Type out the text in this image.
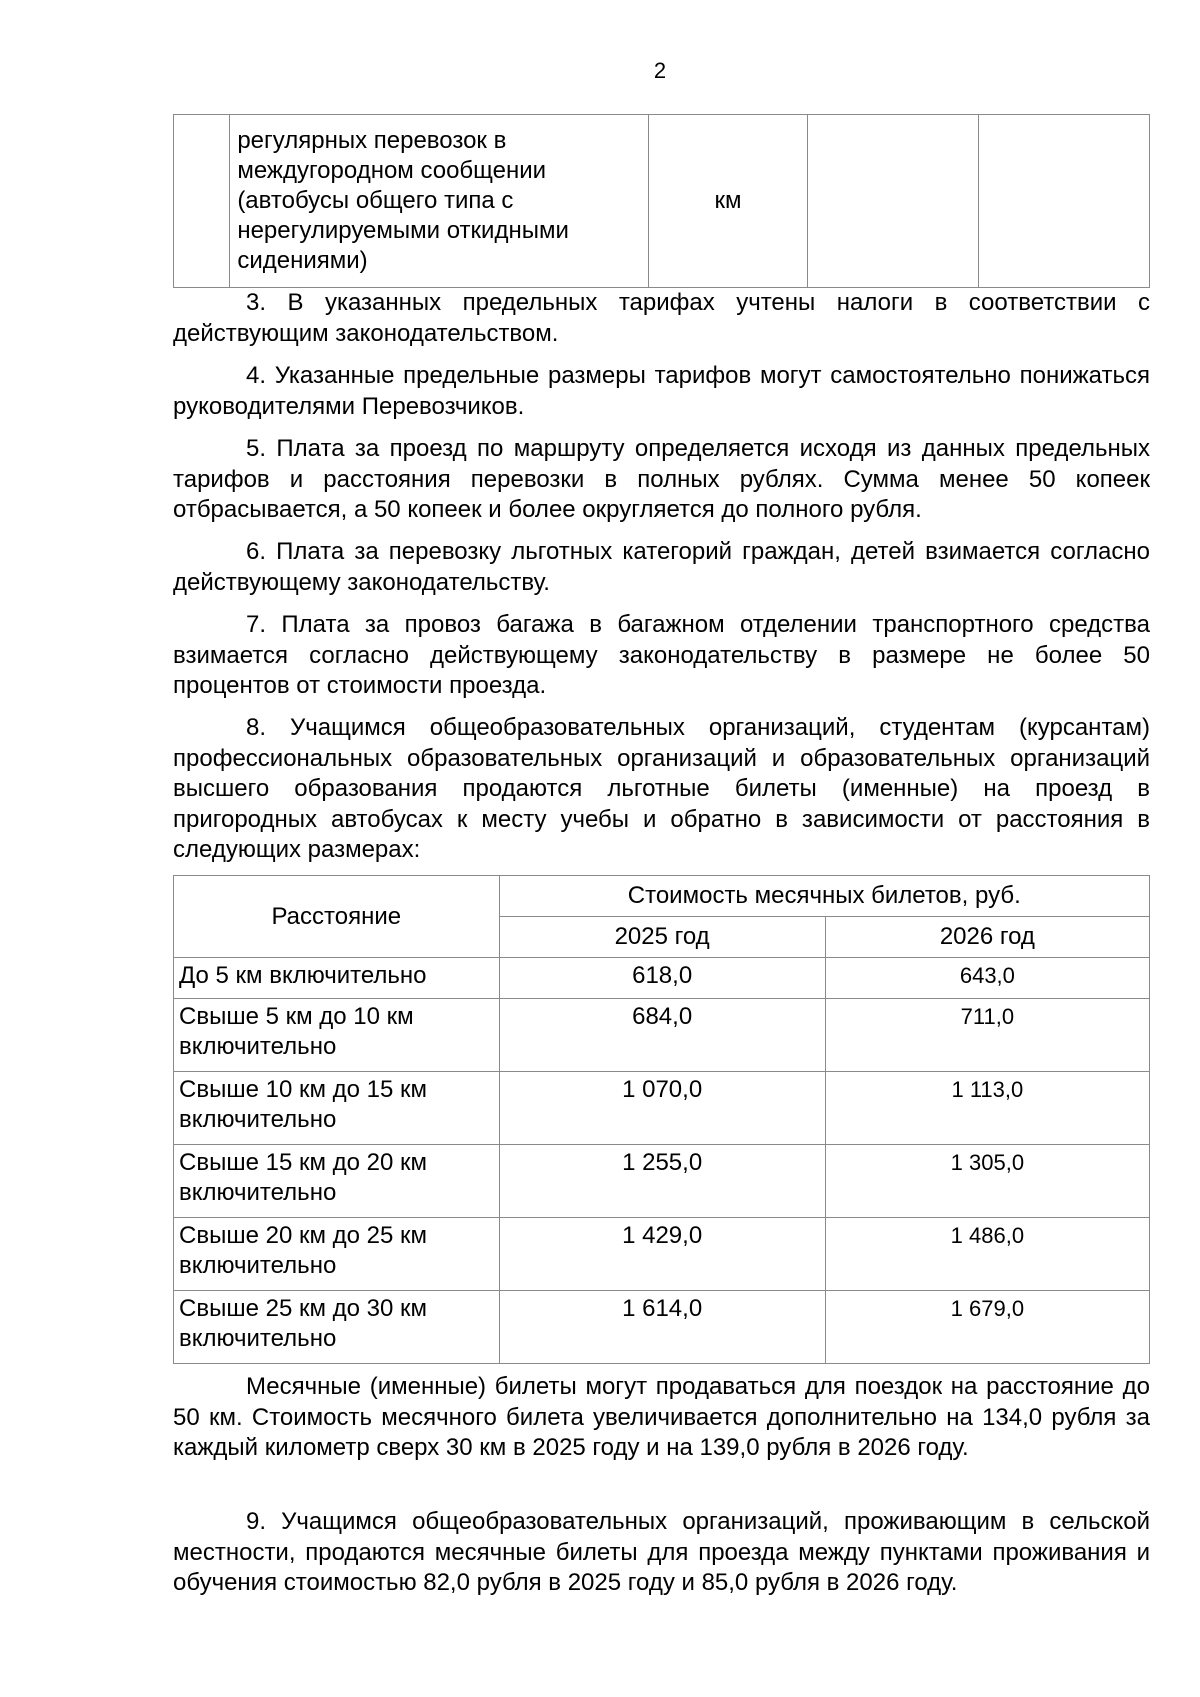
2
	регулярных перевозок в междугородном сообщении (автобусы общего типа с нерегулируемыми откидными сидениями)	км		

3. В указанных предельных тарифах учтены налоги в соответствии с действующим законодательством.

4. Указанные предельные размеры тарифов могут самостоятельно понижаться руководителями Перевозчиков.

5. Плата за проезд по маршруту определяется исходя из данных предельных тарифов и расстояния перевозки в полных рублях. Сумма менее 50 копеек отбрасывается, а 50 копеек и более округляется до полного рубля.

6. Плата за перевозку льготных категорий граждан, детей взимается согласно действующему законодательству.

7. Плата за провоз багажа в багажном отделении транспортного средства взимается согласно действующему законодательству в размере не более 50 процентов от стоимости проезда.

8. Учащимся общеобразовательных организаций, студентам (курсантам) профессиональных образовательных организаций и образовательных организаций высшего образования продаются льготные билеты (именные) на проезд в пригородных автобусах к месту учебы и обратно в зависимости от расстояния в следующих размерах:

Расстояние	Стоимость месячных билетов, руб.	
	2025 год	2026 год
До 5 км включительно	618,0	643,0
Свыше 5 км до 10 км включительно	684,0	711,0
Свыше 10 км до 15 км включительно	1 070,0	1 113,0
Свыше 15 км до 20 км включительно	1 255,0	1 305,0
Свыше 20 км до 25 км включительно	1 429,0	1 486,0
Свыше 25 км до 30 км включительно	1 614,0	1 679,0

Месячные (именные) билеты могут продаваться для поездок на расстояние до 50 км. Стоимость месячного билета увеличивается дополнительно на 134,0 рубля за каждый километр сверх 30 км в 2025 году и на 139,0 рубля в 2026 году.

9. Учащимся общеобразовательных организаций, проживающим в сельской местности, продаются месячные билеты для проезда между пунктами проживания и обучения стоимостью 82,0 рубля в 2025 году и 85,0 рубля в 2026 году.
